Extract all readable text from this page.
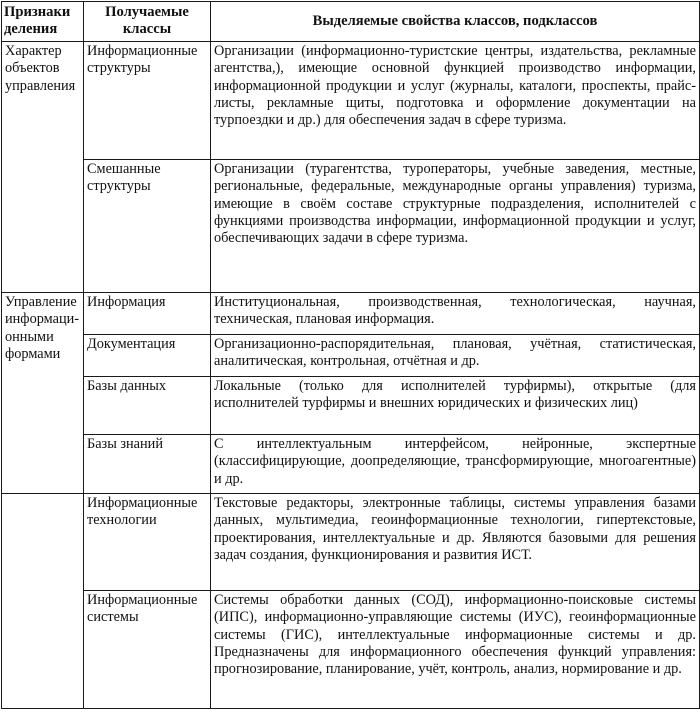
Признаки деления	Получаемые классы	Выделяемые свойства классов, подклассов
Характер объектов управления	Информационные структуры	Организации (информационно-туристские центры, издательства, рекламные агентства,), имеющие основной функцией производство информации, информационной продукции и услуг (журналы, каталоги, проспекты, прайс-листы, рекламные щиты, подготовка и оформление документации на турпоездки и др.) для обеспечения задач в сфере туризма.
	Смешанные структуры	Организации (турагентства, туроператоры, учебные заведения, местные, региональные, федеральные, международные органы управления) туризма, имеющие в своём составе структурные подразделения, исполнителей с функциями производства информации, информационной продукции и услуг, обеспечивающих задачи в сфере туризма.
Управление информационными формами	Информация	Институциональная, производственная, технологическая, научная, техническая, плановая информация.
	Документация	Организационно-распорядительная, плановая, учётная, статистическая, аналитическая, контрольная, отчётная и др.
	Базы данных	Локальные (только для исполнителей турфирмы), открытые (для исполнителей турфирмы и внешних юридических и физических лиц)
	Базы знаний	С интеллектуальным интерфейсом, нейронные, экспертные (классифицирующие, доопределяющие, трансформирующие, многоагентные) и др.
	Информационные технологии	Текстовые редакторы, электронные таблицы, системы управления базами данных, мультимедиа, геоинформационные технологии, гипертекстовые, проектирования, интеллектуальные и др. Являются базовыми для решения задач создания, функционирования и развития ИСТ.
	Информационные системы	Системы обработки данных (СОД), информационно-поисковые системы (ИПС), информационно-управляющие системы (ИУС), геоинформационные системы (ГИС), интеллектуальные информационные системы и др. Предназначены для информационного обеспечения функций управления: прогнозирование, планирование, учёт, контроль, анализ, нормирование и др.
